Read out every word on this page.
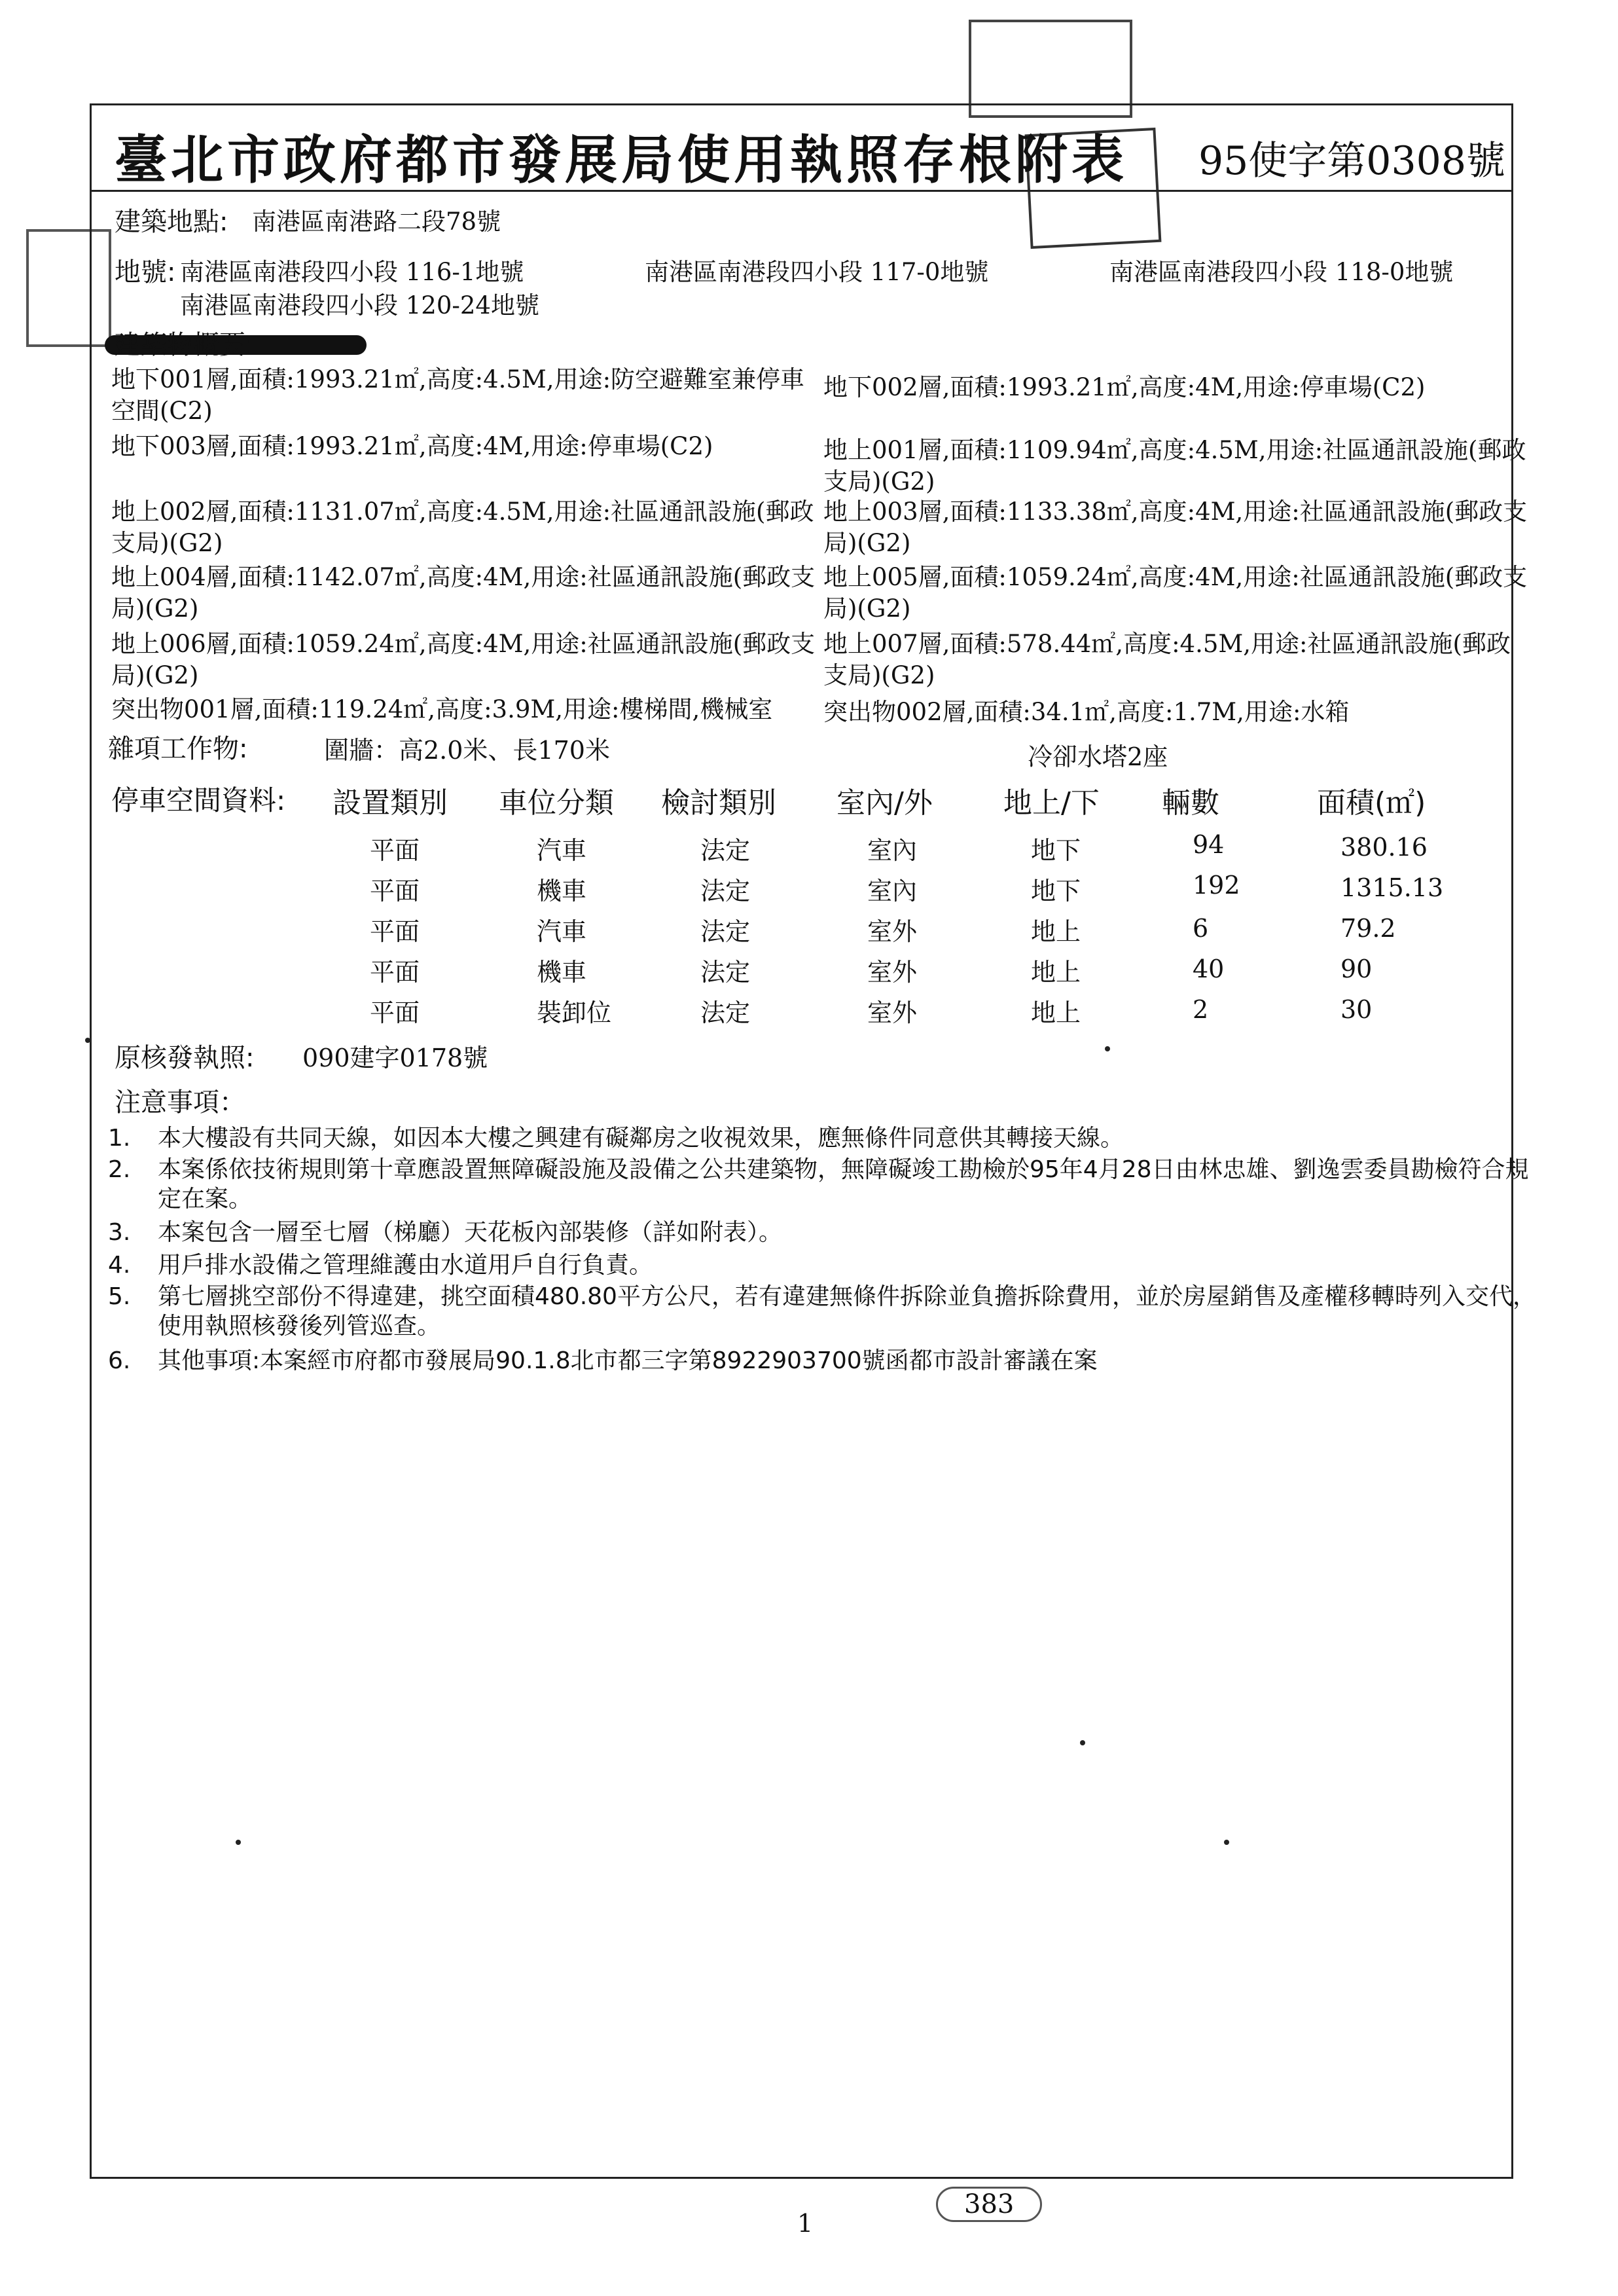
臺北市政府都市發展局使用執照存根附表 95使字第0308號
建築地點: 南港區南港路二段78號
地號: 南港區南港段四小段 116-1地號	南港區南港段四小段 117-0地號	南港區南港段四小段 118-0地號
南港區南港段四小段 120-24地號
建築物概要:
地下001層,面積:1993.21㎡,高度:4.5M,用途:防空避難室兼停車空間(C2)
地下002層,面積:1993.21㎡,高度:4M,用途:停車場(C2)
地下003層,面積:1993.21㎡,高度:4M,用途:停車場(C2)	地上001層,面積:1109.94㎡,高度:4.5M,用途:社區通訊設施(郵政支局)(G2)
地上002層,面積:1131.07㎡,高度:4.5M,用途:社區通訊設施(郵政支局)(G2)
地上003層,面積:1133.38㎡,高度:4M,用途:社區通訊設施(郵政支局)(G2)
地上004層,面積:1142.07㎡,高度:4M,用途:社區通訊設施(郵政支局)(G2)
地上005層,面積:1059.24㎡,高度:4M,用途:社區通訊設施(郵政支局)(G2)
地上006層,面積:1059.24㎡,高度:4M,用途:社區通訊設施(郵政支局)(G2)
地上007層,面積:578.44㎡,高度:4.5M,用途:社區通訊設施(郵政支局)(G2)
突出物001層,面積:119.24㎡,高度:3.9M,用途:樓梯間,機械室	突出物002層,面積:34.1㎡,高度:1.7M,用途:水箱
雜項工作物:	圍牆：高2.0米、長170米	冷卻水塔2座
停車空間資料: 設置類別 車位分類 檢討類別 室內/外 地上/下 輛數	面積(㎡)
平面	汽車	法定	室內	地下	94	380.16
平面	機車	法定	室內	地下	192	1315.13
平面	汽車	法定	室外	地上	6	79.2
平面	機車	法定	室外	地上	40	90
平面	裝卸位	法定	室外	地上	2	30
原核發執照: 090建字0178號
注意事項：
1. 本大樓設有共同天線，如因本大樓之興建有礙鄰房之收視效果，應無條件同意供其轉接天線。
2. 本案係依技術規則第十章應設置無障礙設施及設備之公共建築物，無障礙竣工勘檢於95年4月28日由林忠雄、劉逸雲委員勘檢符合規定在案。
3. 本案包含一層至七層（梯廳）天花板內部裝修（詳如附表）。
4. 用戶排水設備之管理維護由水道用戶自行負責。
5. 第七層挑空部份不得違建，挑空面積480.80平方公尺，若有違建無條件拆除並負擔拆除費用，並於房屋銷售及產權移轉時列入交代，使用執照核發後列管巡查。
6. 其他事項:本案經市府都市發展局90.1.8北市都三字第8922903700號函都市設計審議在案
1
383
